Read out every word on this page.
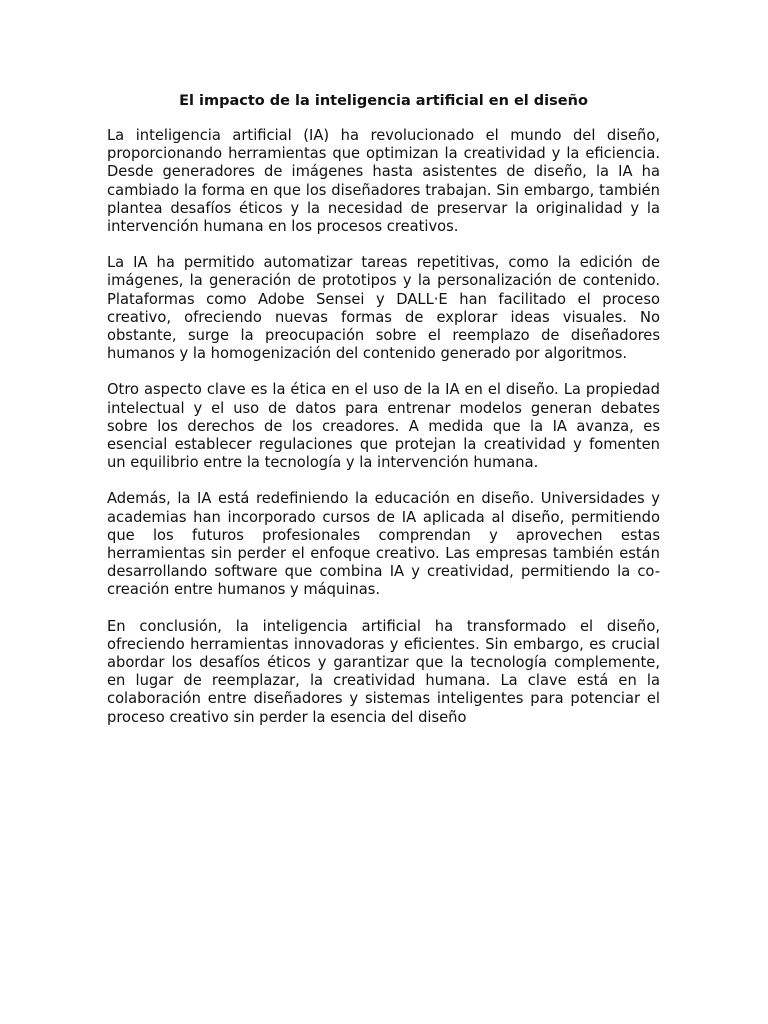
El impacto de la inteligencia artificial en el diseño

La inteligencia artificial (IA) ha revolucionado el mundo del diseño, proporcionando herramientas que optimizan la creatividad y la eficiencia. Desde generadores de imágenes hasta asistentes de diseño, la IA ha cambiado la forma en que los diseñadores trabajan. Sin embargo, también plantea desafíos éticos y la necesidad de preservar la originalidad y la intervención humana en los procesos creativos.

La IA ha permitido automatizar tareas repetitivas, como la edición de imágenes, la generación de prototipos y la personalización de contenido. Plataformas como Adobe Sensei y DALL·E han facilitado el proceso creativo, ofreciendo nuevas formas de explorar ideas visuales. No obstante, surge la preocupación sobre el reemplazo de diseñadores humanos y la homogenización del contenido generado por algoritmos.

Otro aspecto clave es la ética en el uso de la IA en el diseño. La propiedad intelectual y el uso de datos para entrenar modelos generan debates sobre los derechos de los creadores. A medida que la IA avanza, es esencial establecer regulaciones que protejan la creatividad y fomenten un equilibrio entre la tecnología y la intervención humana.

Además, la IA está redefiniendo la educación en diseño. Universidades y academias han incorporado cursos de IA aplicada al diseño, permitiendo que los futuros profesionales comprendan y aprovechen estas herramientas sin perder el enfoque creativo. Las empresas también están desarrollando software que combina IA y creatividad, permitiendo la co-creación entre humanos y máquinas.

En conclusión, la inteligencia artificial ha transformado el diseño, ofreciendo herramientas innovadoras y eficientes. Sin embargo, es crucial abordar los desafíos éticos y garantizar que la tecnología complemente, en lugar de reemplazar, la creatividad humana. La clave está en la colaboración entre diseñadores y sistemas inteligentes para potenciar el proceso creativo sin perder la esencia del diseño
